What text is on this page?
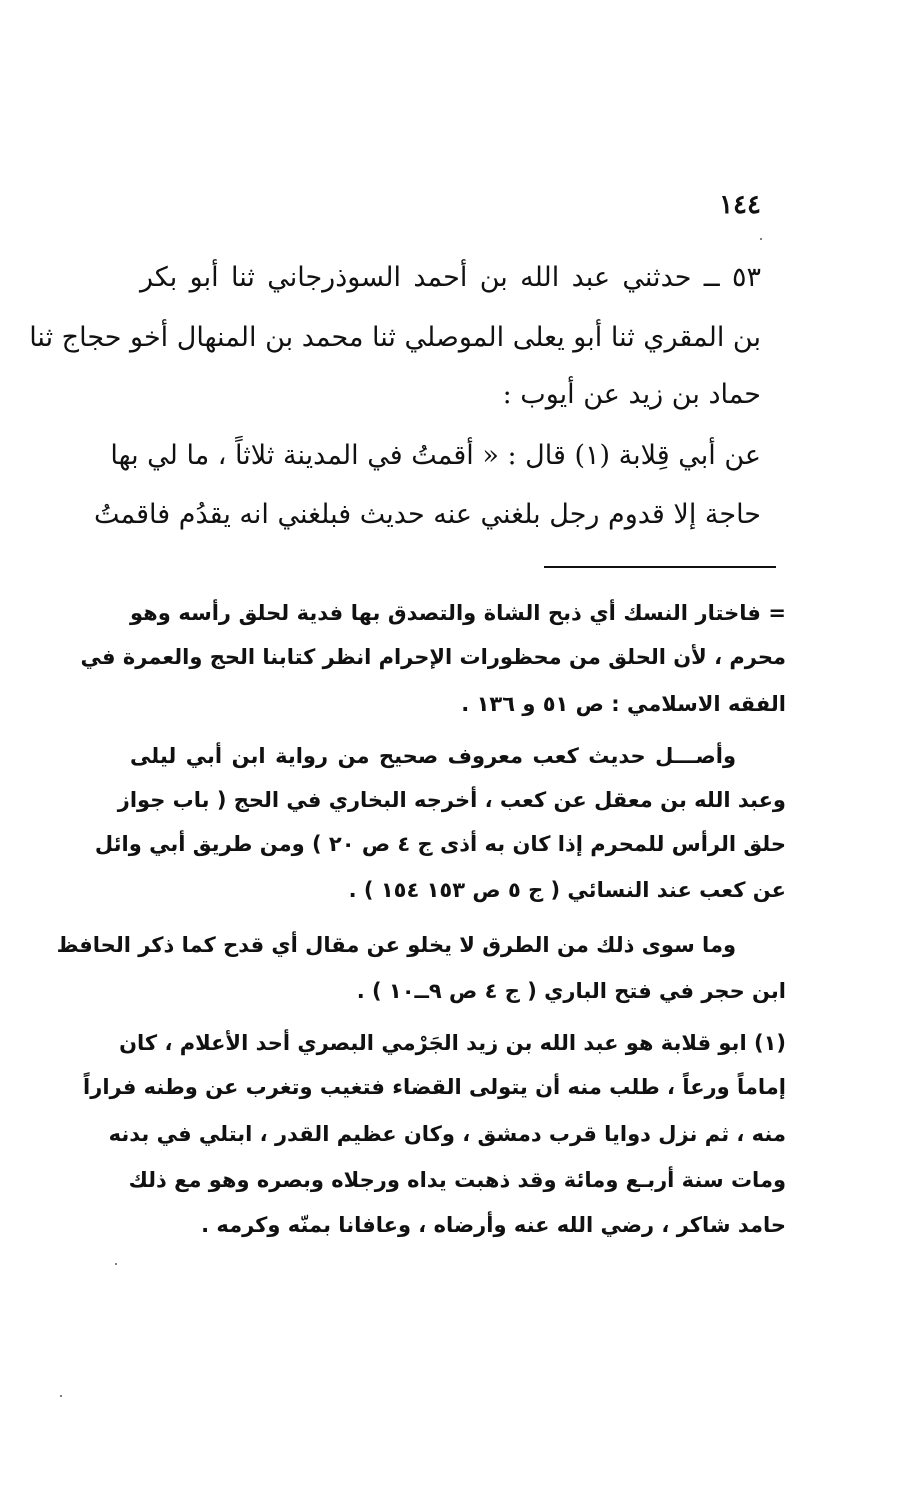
١٤٤
٥٣ ــ حدثني عبد الله بن أحمد السوذرجاني ثنا أبو بكر
بن المقري ثنا أبو يعلى الموصلي ثنا محمد بن المنهال أخو حجاج ثنا
حماد بن زيد عن أيوب :
عن أبي قِلابة (١) قال : « أقمتُ في المدينة ثلاثاً ، ما لي بها
حاجة إلا قدوم رجل بلغني عنه حديث فبلغني انه يقدُم فاقمتُ
= فاختار النسك أي ذبح الشاة والتصدق بها فدية لحلق رأسه وهو
محرم ، لأن الحلق من محظورات الإحرام انظر كتابنا الحج والعمرة في
الفقه الاسلامي : ص ٥١ و ١٣٦ .
وأصـــل حديث كعب معروف صحيح من رواية ابن أبي ليلى
وعبد الله بن معقل عن كعب ، أخرجه البخاري في الحج ( باب جواز
حلق الرأس للمحرم إذا كان به أذى ج ٤ ص ٢٠ ) ومن طريق أبي وائل
عن كعب عند النسائي ( ج ٥ ص ١٥٣ ١٥٤ ) .
وما سوى ذلك من الطرق لا يخلو عن مقال أي قدح كما ذكر الحافظ
ابن حجر في فتح الباري ( ج ٤ ص ٩ــ١٠ ) .
(١) ابو قلابة هو عبد الله بن زيد الجَرْمي البصري أحد الأعلام ، كان
إماماً ورعاً ، طلب منه أن يتولى القضاء فتغيب وتغرب عن وطنه فراراً
منه ، ثم نزل دوايا قرب دمشق ، وكان عظيم القدر ، ابتلي في بدنه
ومات سنة أربـع ومائة وقد ذهبت يداه ورجلاه وبصره وهو مع ذلك
حامد شاكر ، رضي الله عنه وأرضاه ، وعافانا بمنّه وكرمه .
